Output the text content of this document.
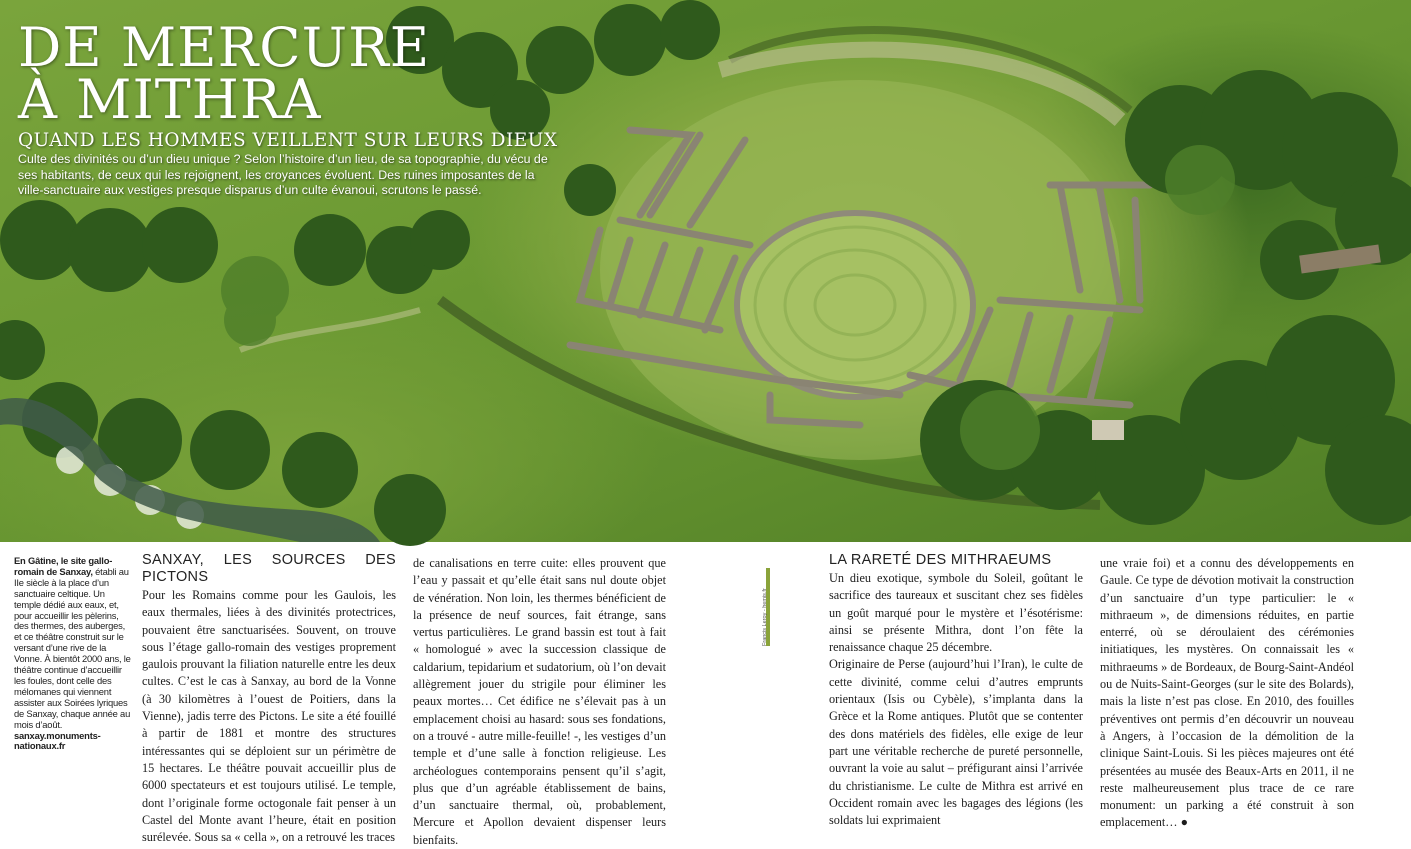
DE MERCURE
À MITHRA
QUAND LES HOMMES VEILLENT SUR LEURS DIEUX
Culte des divinités ou d’un dieu unique ? Selon l’histoire d’un lieu, de sa topographie, du vécu de ses habitants, de ceux qui les rejoignent, les croyances évoluent. Des ruines imposantes de la ville-sanctuaire aux vestiges presque disparus d’un culte évanoui, scrutons le passé.
En Gâtine, le site gallo-romain de Sanxay, établi au IIe siècle à la place d’un sanctuaire celtique. Un temple dédié aux eaux, et, pour accueillir les pèlerins, des thermes, des auberges, et ce théâtre construit sur le versant d’une rive de la Vonne. À bientôt 2000 ans, le théâtre continue d’accueillir les foules, dont celle des mélomanes qui viennent assister aux Soirées lyriques de Sanxay, chaque année au mois d’août. sanxay.monuments-nationaux.fr
SANXAY, LES SOURCES DES PICTONS

Pour les Romains comme pour les Gaulois, les eaux thermales, liées à des divinités protectrices, pouvaient être sanctuarisées. Souvent, on trouve sous l’étage gallo-romain des vestiges proprement gaulois prouvant la filiation naturelle entre les deux cultes. C’est le cas à Sanxay, au bord de la Vonne (à 30 kilomètres à l’ouest de Poitiers, dans la Vienne), jadis terre des Pictons. Le site a été fouillé à partir de 1881 et montre des structures intéressantes qui se déploient sur un périmètre de 15 hectares. Le théâtre pouvait accueillir plus de 6000 spectateurs et est toujours utilisé. Le temple, dont l’originale forme octogonale fait penser à un Castel del Monte avant l’heure, était en position surélevée. Sous sa « cella », on a retrouvé les traces

de canalisations en terre cuite: elles prouvent que l’eau y passait et qu’elle était sans nul doute objet de vénération. Non loin, les thermes bénéficient de la présence de neuf sources, fait étrange, sans vertus particulières. Le grand bassin est tout à fait « homologué » avec la succession classique de caldarium, tepidarium et sudatorium, où l’on devait allègrement jouer du strigile pour éliminer les peaux mortes… Cet édifice ne s’élevait pas à un emplacement choisi au hasard: sous ses fondations, on a trouvé - autre mille-feuille! -, les vestiges d’un temple et d’une salle à fonction religieuse. Les archéologues contemporains pensent qu’il s’agit, plus que d’un agréable établissement de bains, d’un sanctuaire thermal, où, probablement, Mercure et Apollon devaient dispenser leurs bienfaits.

Francis Leroy - hemis.fr
LA RARETÉ DES MITHRAEUMS

Un dieu exotique, symbole du Soleil, goûtant le sacrifice des taureaux et suscitant chez ses fidèles un goût marqué pour le mystère et l’ésotérisme: ainsi se présente Mithra, dont l’on fête la renaissance chaque 25 décembre.

Originaire de Perse (aujourd’hui l’Iran), le culte de cette divinité, comme celui d’autres emprunts orientaux (Isis ou Cybèle), s’implanta dans la Grèce et la Rome antiques. Plutôt que se contenter des dons matériels des fidèles, elle exige de leur part une véritable recherche de pureté personnelle, ouvrant la voie au salut – préfigurant ainsi l’arrivée du christianisme. Le culte de Mithra est arrivé en Occident romain avec les bagages des légions (les soldats lui exprimaient

une vraie foi) et a connu des développements en Gaule. Ce type de dévotion motivait la construction d’un sanctuaire d’un type particulier: le « mithraeum », de dimensions réduites, en partie enterré, où se déroulaient des cérémonies initiatiques, les mystères. On connaissait les « mithraeums » de Bordeaux, de Bourg-Saint-Andéol ou de Nuits-Saint-Georges (sur le site des Bolards), mais la liste n’est pas close. En 2010, des fouilles préventives ont permis d’en découvrir un nouveau à Angers, à l’occasion de la démolition de la clinique Saint-Louis. Si les pièces majeures ont été présentées au musée des Beaux-Arts en 2011, il ne reste malheureusement plus trace de ce rare monument: un parking a été construit à son emplacement… ●
